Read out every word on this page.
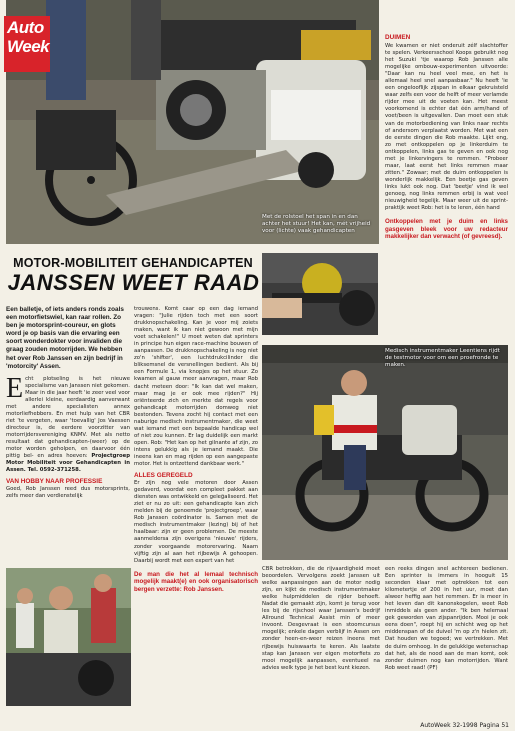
Auto
Week
Met de rolstoel het span in en dan achter het stuur! Het kan, mét vrijheid voor (lichte) vaak gehandicapten
DUIMEN
We kwamen er niet onderuit zélf slachtoffer te spelen. Verkeersschool Koops gebruikt nog het Suzuki 'tje waarop Rob Janssen alle mogelijke ombouw-experimenten uitvoerde: "Daar kan nu heel veel mee, en het is allemaal heel snel aanpasbaar." Nu heeft 'ie een ongelooflijk zijspan in elkaar gekruisteld waar zelfs een voor de helft of meer verlamde rijder mee uit de voeten kan. Het meest voorkomend is echter dat één arm/hand of voet/been is uitgevallen. Dan moet een stuk van de motorbediening van links naar rechts of andersom verplaatst worden. Met wat een de eerste dingen die Rob maakte. Lijkt eng, zo met ontkoppelen op je linkerduim te ontkoppelen, links gas te geven en ook nog met je linkervingers te remmen. "Probeer maar, laat eerst het links remmen maar zitten." Zowaar; met de duim ontkoppelen is wonderlijk makkelijk. Een beetje gas geven links lukt ook nog. Dat 'beetje' vind ik wel genoeg, nog links remmen erbij is wat veel nieuwigheid tegelijk. Maar weer uit de sprint-praktijk weet Rob: het is te leren, één hand
Ontkoppelen met je duim en links gasgeven bleek voor uw redacteur makkelijker dan verwacht (of gevreesd).
MOTOR-MOBILITEIT GEHANDICAPTEN
JANSSEN WEET RAAD
Medisch instrumentmaker Leentiens rijdt de testmotor voor om een proefronde te maken.
Een balletje, of iets anders ronds zoals een motorfietswiel, kan raar rollen. Zo ben je motorsprint-coureur, en glots word je op basis van die ervaring een soort wonderdokter voor invaliden die graag zouden motorrijden. We hebben het over Rob Janssen en zijn bedrijf in 'motorcity' Assen.
E cht plotseling is het nieuwe specialisme van Janssen niet gekomen. Maar in die jaar heeft 'ie zeer veel voor allerlei kleine, eerdaardig aanverwant met andere specialisten annex motorliefhebbers. En met hulp van het CBR riet 'te vergeten, waar 'toevallig' Jos Vaessen directeur is, de eerdere voorzitter van motorrijdersvereniging KNMV. Met als netto resultaat dat gehandicapten-(weer) op de motor worden geholpen, en daarvoor één pittig bel- en adres hoeven: Projectgroep Motor Mobiliteit voor Gehandicapten in Assen. Tel. 0592-371258.
VAN HOBBY NAAR PROFESSIE
Goed, Rob Janssen reed dus motorsprints, zelfs meer dan verdienstelijk
trouwens. Komt caar op een dag iemand vragen: "Julie rijden toch met een soort drukknopschakeling. Kan je voor mij zoiets maken, want ik kan niet gewoon met mijn voet schakelen!" U moet weten dat sprinters in principe hun eigen race-machine bouwen of aanpassen. De drukknopschakeling is nog niet zo'n 'shifter', een luchtdrukcilinder die bliksemsnel de versnellingen bedient. Als bij een Formule 1, via knopjes op het stuur. Zo kwamen al gauw meer aanvragen, maar Rob dacht meteen door: "Ik kan dat wel maken, maar mag je er ook mee rijden?" Hij oriënteerde zich en merkte dat regels voor gehandicapt motorrijden domweg niet bestonden. Tevens zocht hij contact met een naburige medisch instrumentmaker, die weet wat iemand met een bepaalde handicap wel of niet zou kunnen. Er lag duidelijk een markt open. Rob: "Het kan op het gilnante af zijn, zo intens gelukkig als je iemand maakt. Die ineens kan en mag rijden op een aangepaste motor. Het is ontzettend dankbaar werk."
ALLES GEREGELD
Er zijn nog vele motoren door Assen gedaverd, voordat een compleet pakket aan diensten was ontwikkeld en geleg̈aliseerd. Het ziet er nu zo uit: een gehandicapte kan zich melden bij de genoemde 'projectgroep', waar Rob Janssen coördinator is. Samen met de medisch instrumentmaker (lezing) bij of het haalbaar: zijn er geen problemen. De meeste aanmeldersa zijn overigens 'nieuwe' rijders, zonder voorgaande motorervaring. Naam vijftig zijn al aan het rijbewijs A gehoopen. Daarbij wordt met een expert van het
De man die het al lemaal technisch mogelijk maakt(e) en ook organisatorisch bergen verzette: Rob Janssen.
CBR betrokken, die de rijvaardigheid moet beoordelen. Vervolgens zoekt Janssen uit welke aanpassingen aan de motor nodig zijn, en kijkt de medisch instrumentmaker welke hulpmiddelen de rijder behoeft. Nadat die gemaakt zijn, komt je terug voor les bij de rijschool waar Janssen's bedrijf Allround Technical Assist min of meer invoont. Desgevraat is een stoomcursus mogelijk; enkele dagen verblijf in Assen om zonder heen-en-weer reizen ineens met rijbewijs huiswaarts te keren. Als laatste stap kan Janssen ver eigen motorfiets zo mooi mogelijk aanpassen, eventueel na advies welk type je het best kunt kiezen.
een reeks dingen snel achtereen bedienen. Een sprinter is immers in hooguit 15 seconden klaar met optrekken tot een kilometertje of 200 in het uur, moet dan alweer heffig aan het remmen. Er is meer in het leven dan dit kanonskogelen, weet Rob inmiddels als geen ander. "Ik ben helemaal gek geworden van zijspanrijden. Mooi je ook eens doen", roept hij en schicht weg op het middenspan of de duivel 'm op z'n hielen zit. Dat houden we tegoed; we vertrekken. Met de duim omhoog. In de gelukkige wetenschap dat het, als de nood aan de man komt, ook zonder duimen nog kan motorrijden. Want Rob weet raad! (PF)
AutoWeek 32-1998 Pagina 51
